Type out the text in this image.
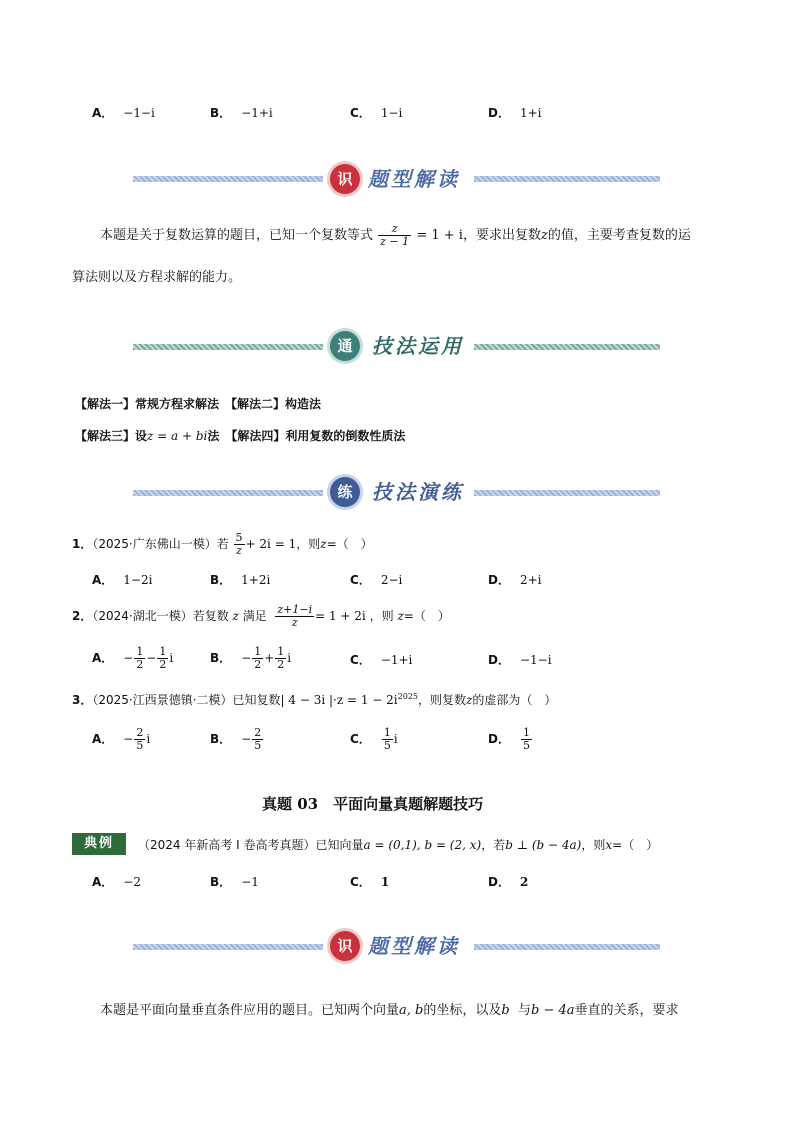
A． −1−i	B． −1+i	C． 1−i	D． 1+i
识 题型解读
本题是关于复数运算的题目，已知一个复数等式 $\frac{z}{z - 1} = 1 + i$，要求出复数z的值，主要考查复数的运
算法则以及方程求解的能力。
通 技法运用
【解法一】常规方程求解法　 【解法二】构造法
【解法三】设z = a + bi法　 【解法四】利用复数的倒数性质法
练 技法演练
1．（2025·广东佛山一模）若 $\frac{5}{z} + 2i = 1$，则z=（　）
A． 1−2i	B． 1+2i	C． 2−i	D． 2+i
2．（2024·湖北一模）若复数 z 满足 $\frac{z+1-i}{z} = 1 + 2i$ ，则 z=（　）
A． − $\frac{1}{2} - \frac{1}{2}$ i	B． − $\frac{1}{2} + \frac{1}{2}$ i	C． −1+i	D． −1−i
3．（2025·江西景德镇·二模）已知复数| 4 − 3i $|\cdot z = 1 - 2i^{2025}$，则复数z的虚部为（　）
A． − $\frac{2}{5}$ i	B． − $\frac{2}{5}$	C． $\frac{1}{5}$ i	D． $\frac{1}{5}$
真题 03　平面向量真题解题技巧
典例	（2024 年新高考 I 卷高考真题）已知向量a = (0,1), b = (2, x)，若b ⊥ (b − 4a)，则x=（　）
A． −2	B． −1	C． 1	D． 2
识 题型解读
本题是平面向量垂直条件应用的题目。已知两个向量a, b的坐标，以及b 与b − 4a垂直的关系，要求
